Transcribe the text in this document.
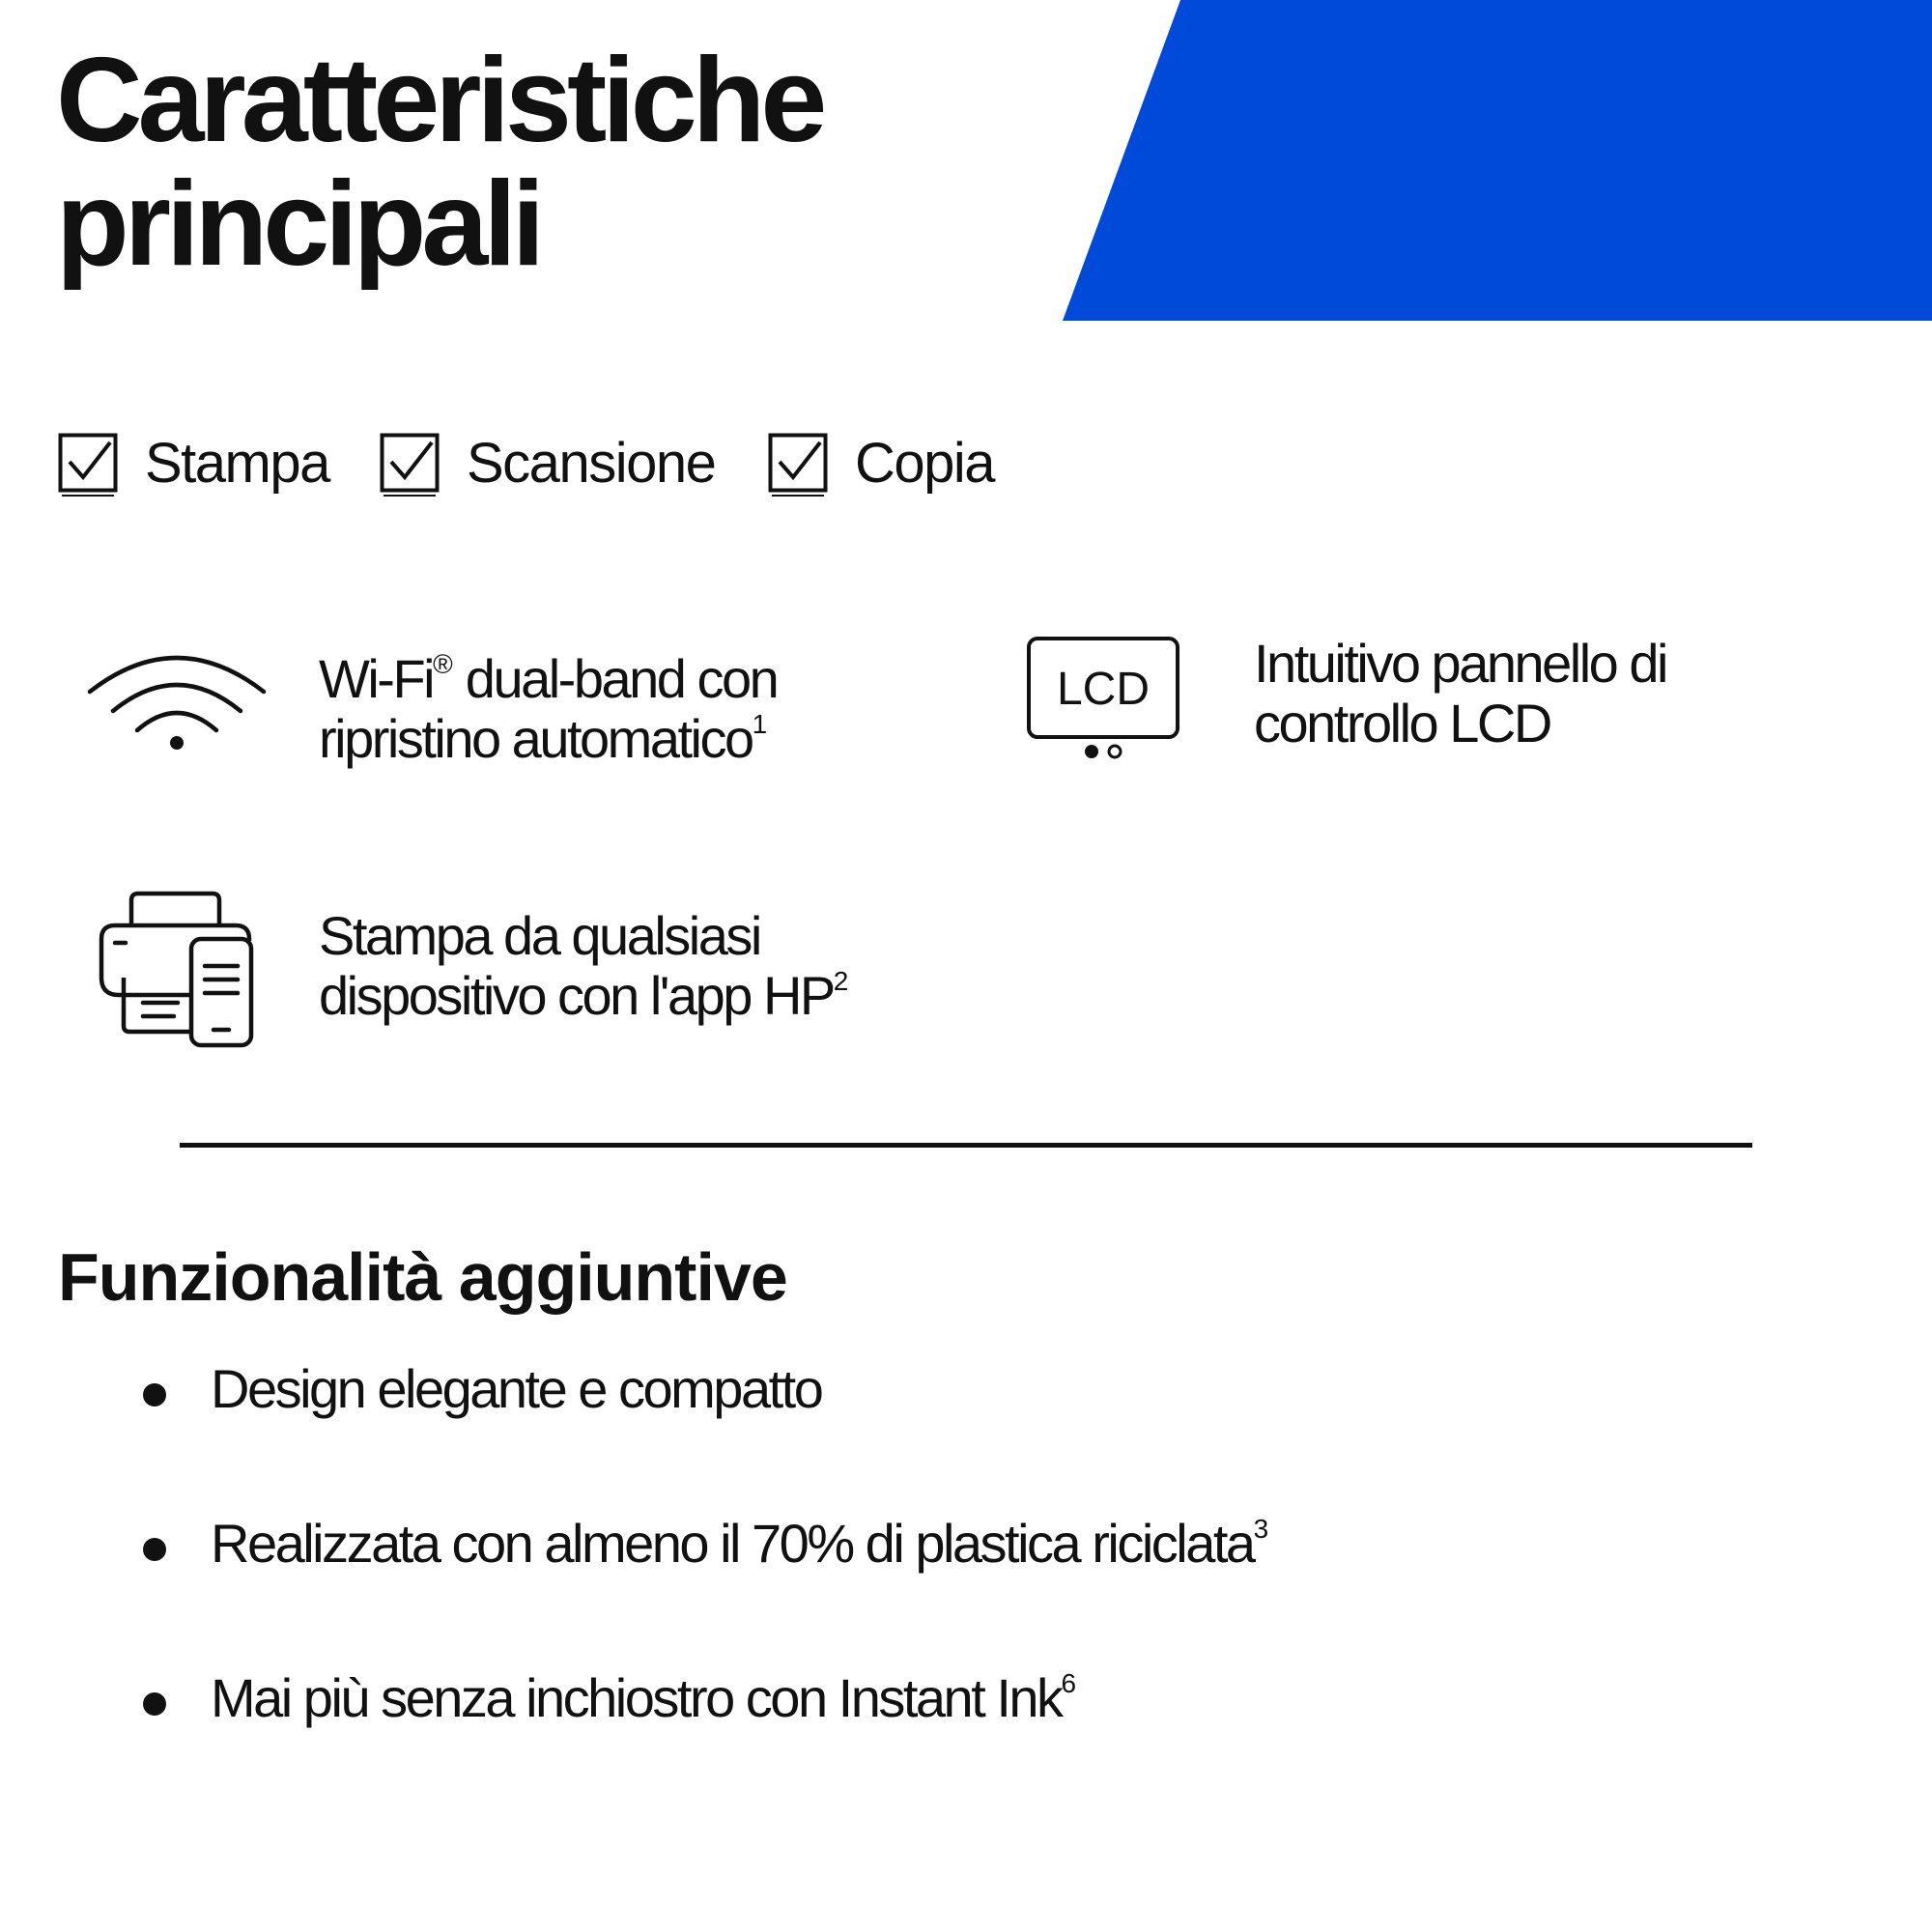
Caratteristiche
principali
Stampa Scansione Copia
Wi-Fi® dual-band con
ripristino automatico$^1$
LCD Intuitivo pannello di
controllo LCD
Stampa da qualsiasi
dispositivo con l'app $HP^2$
Funzionalità aggiuntive
Design elegante e compatto
Realizzata con almeno il 70% di plastica riciclata$^3$
Mai più senza inchiostro con Instant Ink$^6$
